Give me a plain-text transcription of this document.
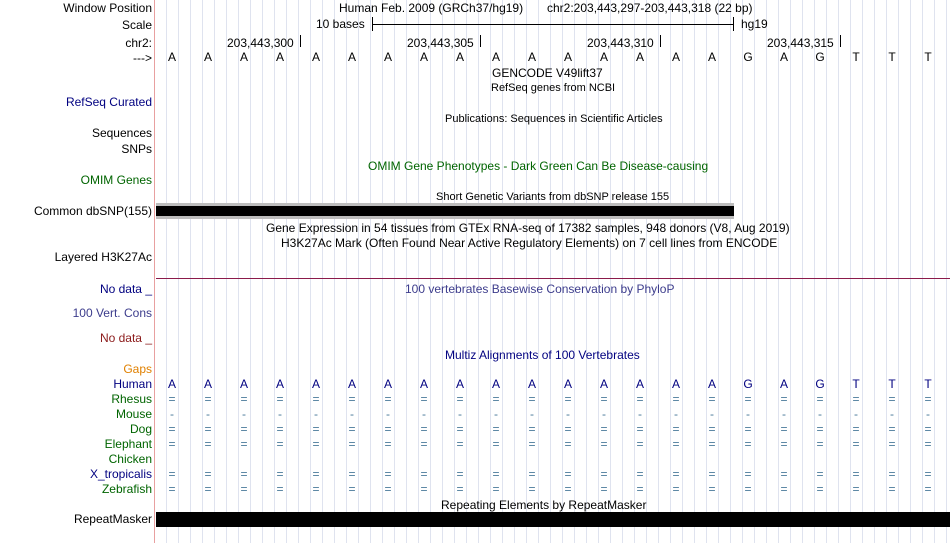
Window Position
Scale
chr2:
--->
Human Feb. 2009 (GRCh37/hg19) chr2:203,443,297-203,443,318 (22 bp)
10 bases	hg19
203,443,300	203,443,305	203,443,310	203,443,315
A A A A A A A A A A A A A A A A G A G T T T
GENCODE V49lift37
RefSeq genes from NCBI
RefSeq Curated
Publications: Sequences in Scientific Articles
Sequences
SNPs
OMIM Gene Phenotypes - Dark Green Can Be Disease-causing
OMIM Genes
Short Genetic Variants from dbSNP release 155
Common dbSNP(155)
Gene Expression in 54 tissues from GTEx RNA-seq of 17382 samples, 948 donors (V8, Aug 2019)
H3K27Ac Mark (Often Found Near Active Regulatory Elements) on 7 cell lines from ENCODE
Layered H3K27Ac
No data _	100 vertebrates Basewise Conservation by PhyloP
100 Vert. Cons
No data _
Multiz Alignments of 100 Vertebrates
Gaps
Human A A A A A A A A A A A A A A A A G A G T T T
Rhesus = = = = = = = = = = = = = = = = = = = = = =
Mouse	-	-	-	-	-	-	-	-	-	-	-	-	-	-	-	-	-	-	-	-	-	-
Dog = = = = = = = = = = = = = = = = = = = = = =
Elephant = = = = = = = = = = = = = = = = = = = = = =
Chicken
X_tropicalis = = = = = = = = = = = = = = = = = = = = = =
Zebrafish = = = = = = = = = = = = = = = = = = = = = =
Repeating Elements by RepeatMasker
RepeatMasker
